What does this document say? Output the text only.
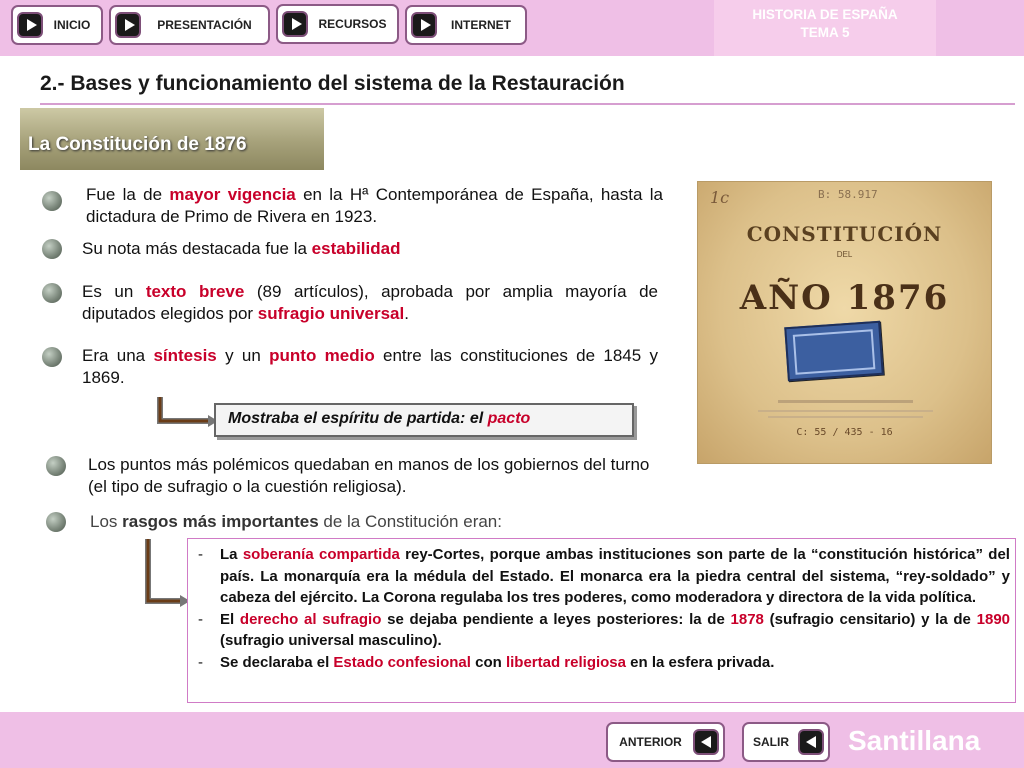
INICIO	PRESENTACIÓN	RECURSOS	INTERNET
HISTORIA DE ESPAÑA
TEMA 5
2.- Bases y funcionamiento del sistema de la Restauración
La Constitución de 1876
Fue la de mayor vigencia en la Hª Contemporánea de España, hasta la dictadura de Primo de Rivera en 1923.
Su nota más destacada fue la estabilidad
Es un texto breve (89 artículos), aprobada por amplia mayoría de diputados elegidos por sufragio universal.
Era una síntesis y un punto medio entre las constituciones de 1845 y 1869.
Mostraba el espíritu de partida: el pacto
Los puntos más polémicos quedaban en manos de los gobiernos del turno (el tipo de sufragio o la cuestión religiosa).
Los rasgos más importantes de la Constitución eran:
- La soberanía compartida rey-Cortes, porque ambas instituciones son parte de la “constitución histórica” del país. La monarquía era la médula del Estado. El monarca era la piedra central del sistema, “rey-soldado” y cabeza del ejército. La Corona regulaba los tres poderes, como moderadora y directora de la vida política.
- El derecho al sufragio se dejaba pendiente a leyes posteriores: la de 1878 (sufragio censitario) y la de 1890 (sufragio universal masculino).
- Se declaraba el Estado confesional con libertad religiosa en la esfera privada.
1c	B: 58.917
CONSTITUCIÓN
DEL
AÑO 1876
C: 55 / 435 - 16
ANTERIOR	SALIR	Santillana
